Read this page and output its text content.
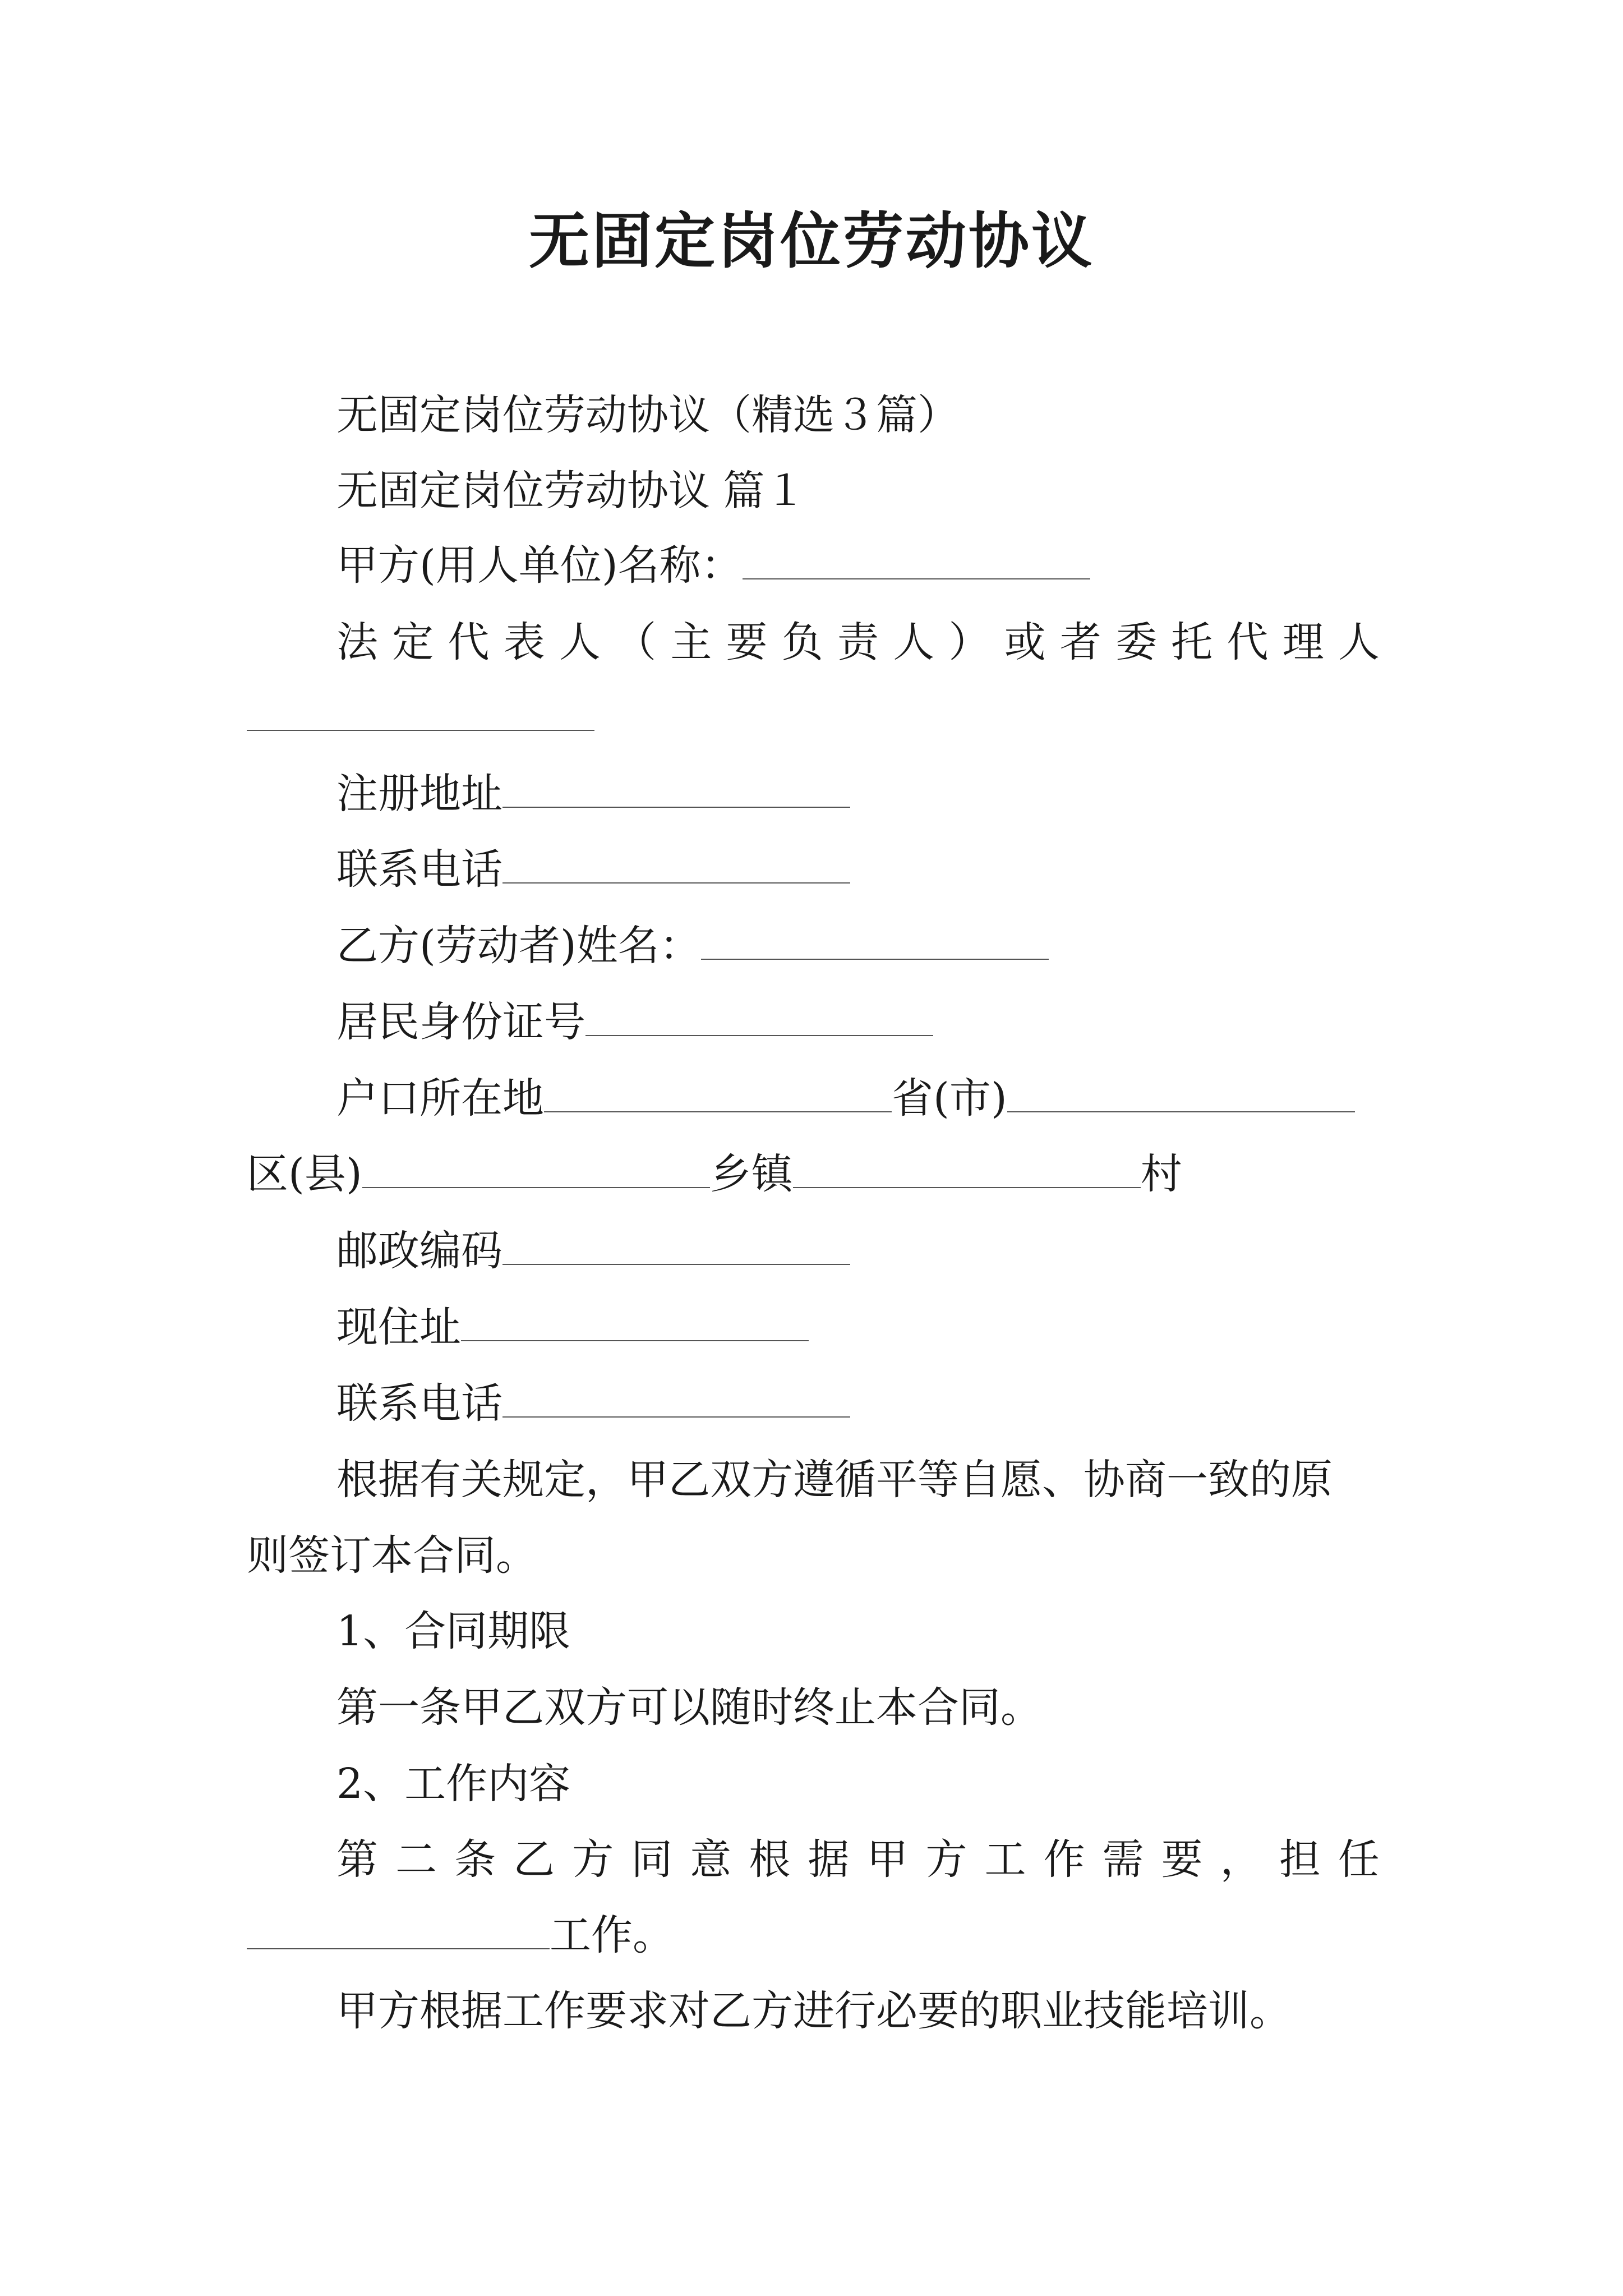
无固定岗位劳动协议
无固定岗位劳动协议（精选３篇）
无固定岗位劳动协议 篇１
甲方(用人单位)名称：
法 定 代 表 人 （ 主 要 负 责 人 ） 或 者 委 托 代 理 人
注册地址
联系电话
乙方(劳动者)姓名：
居民身份证号
户口所在地	省(市)
区(县)	乡镇	村
邮政编码
现住址
联系电话
根据有关规定，甲乙双方遵循平等自愿、协商一致的原
则签订本合同。
1、合同期限
第一条甲乙双方可以随时终止本合同。
2、工作内容
第 二 条 乙 方 同 意 根 据 甲 方 工 作 需 要 ， 担 任
工作。
甲方根据工作要求对乙方进行必要的职业技能培训。
